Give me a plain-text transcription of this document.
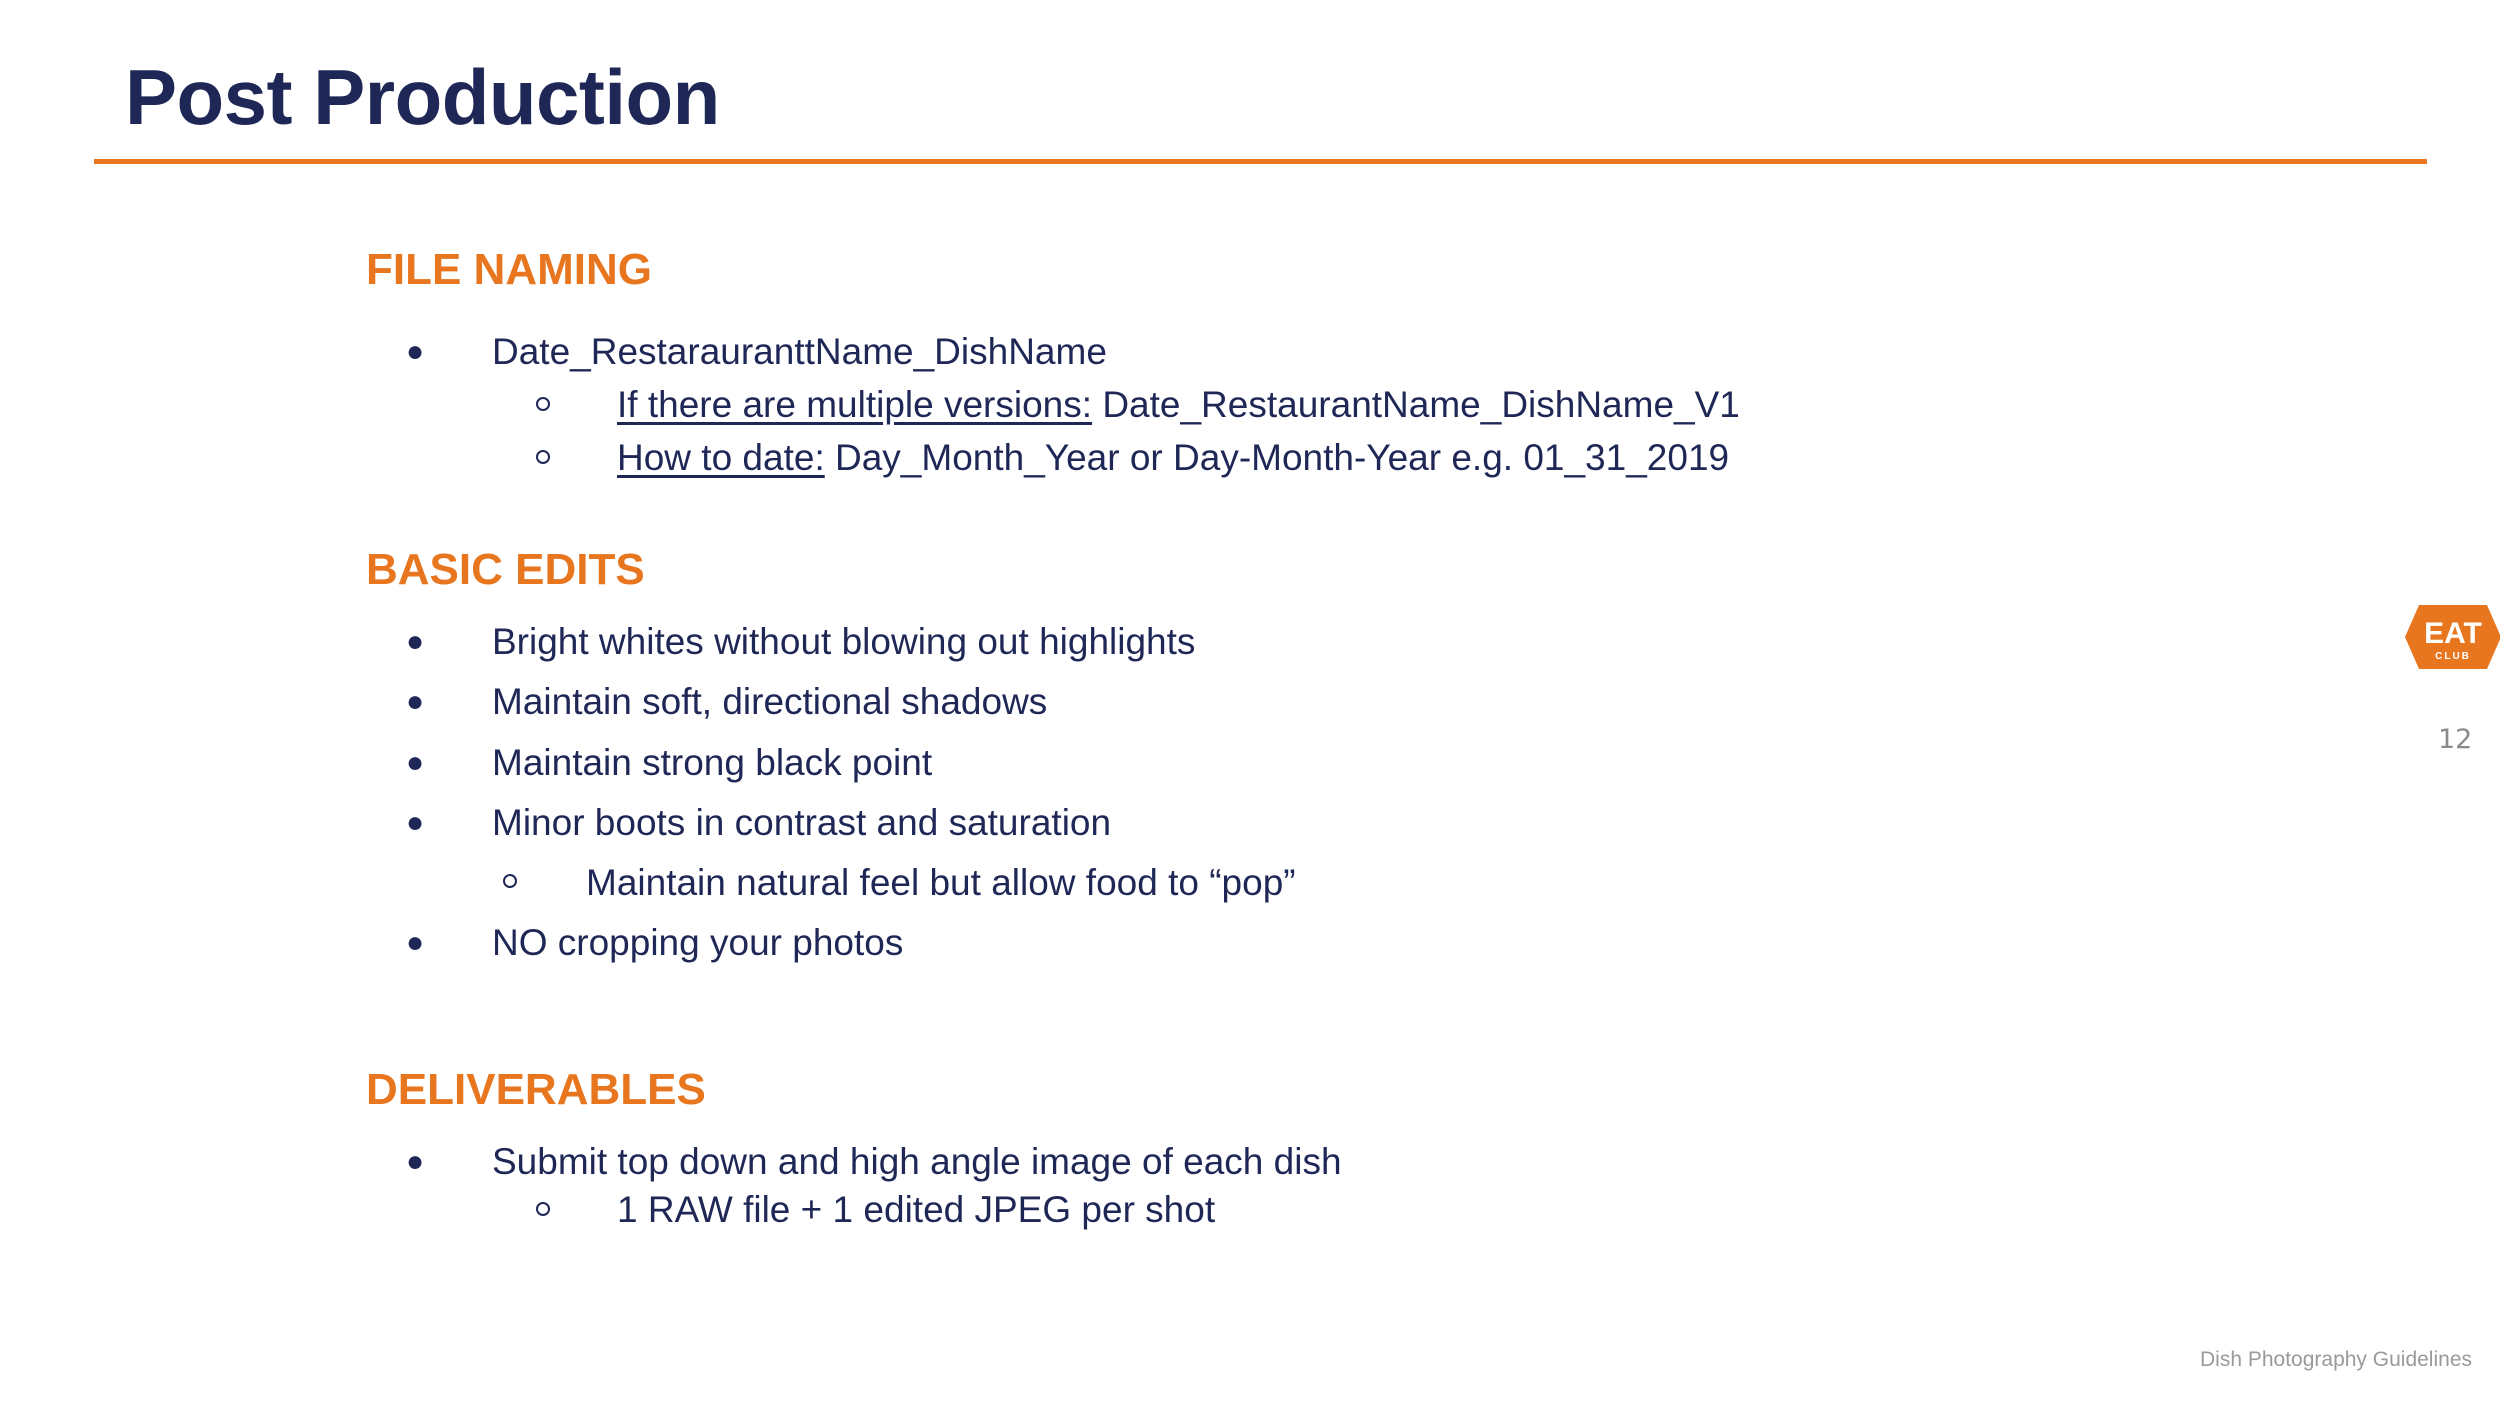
Post Production
FILE NAMING
● Date_RestarauranttName_DishName
If there are multiple versions: Date_RestaurantName_DishName_V1
How to date: Day_Month_Year or Day-Month-Year e.g. 01_31_2019
BASIC EDITS
● Bright whites without blowing out highlights
● Maintain soft, directional shadows
● Maintain strong black point
● Minor boots in contrast and saturation
Maintain natural feel but allow food to “pop”
● NO cropping your photos
DELIVERABLES
● Submit top down and high angle image of each dish
1 RAW file + 1 edited JPEG per shot
EAT
CLUB
12
Dish Photography Guidelines
